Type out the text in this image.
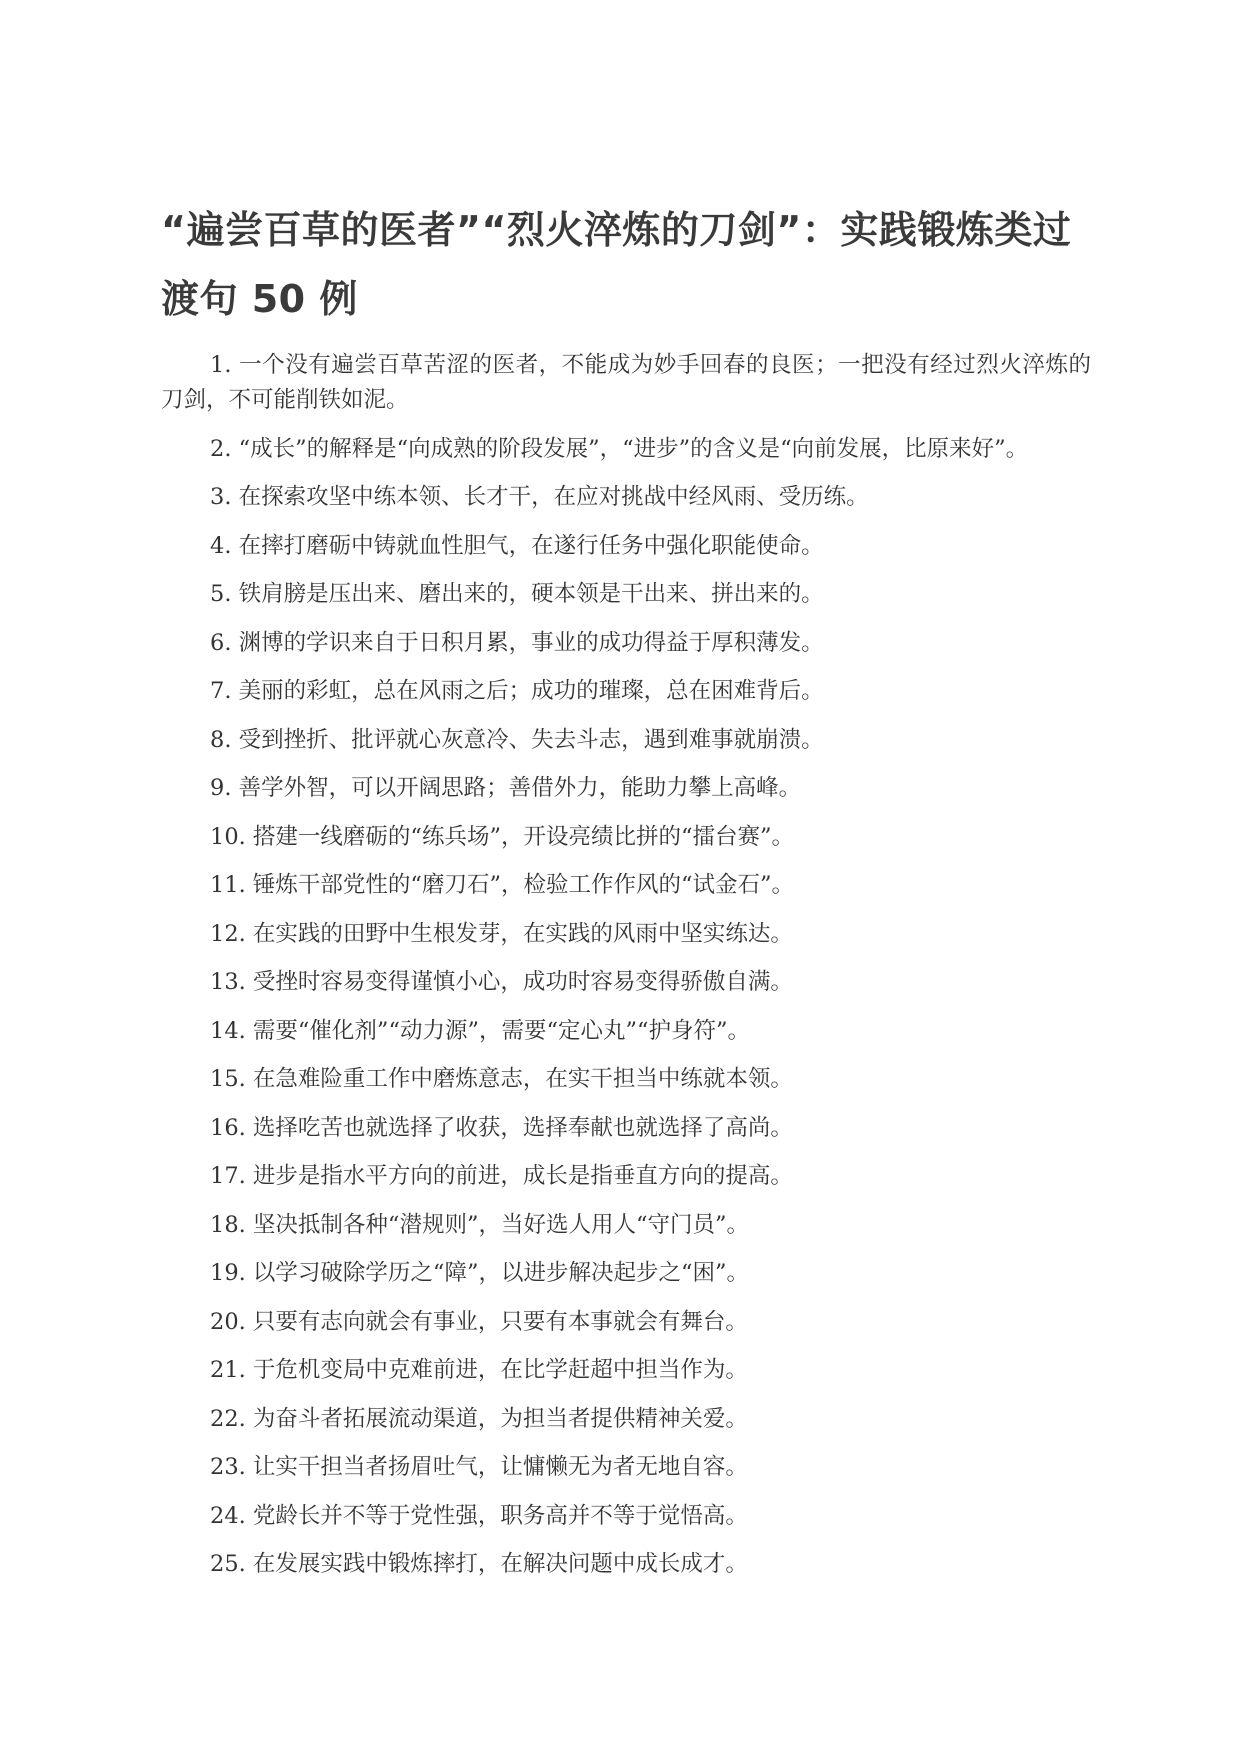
“遍尝百草的医者”“烈火淬炼的刀剑”：实践锻炼类过渡句 50 例
1. 一个没有遍尝百草苦涩的医者，不能成为妙手回春的良医；一把没有经过烈火淬炼的刀剑，不可能削铁如泥。
2. “成长”的解释是“向成熟的阶段发展”，“进步”的含义是“向前发展，比原来好”。
3. 在探索攻坚中练本领、长才干，在应对挑战中经风雨、受历练。
4. 在摔打磨砺中铸就血性胆气，在遂行任务中强化职能使命。
5. 铁肩膀是压出来、磨出来的，硬本领是干出来、拼出来的。
6. 渊博的学识来自于日积月累，事业的成功得益于厚积薄发。
7. 美丽的彩虹，总在风雨之后；成功的璀璨，总在困难背后。
8. 受到挫折、批评就心灰意冷、失去斗志，遇到难事就崩溃。
9. 善学外智，可以开阔思路；善借外力，能助力攀上高峰。
10. 搭建一线磨砺的“练兵场”，开设亮绩比拼的“擂台赛”。
11. 锤炼干部党性的“磨刀石”，检验工作作风的“试金石”。
12. 在实践的田野中生根发芽，在实践的风雨中坚实练达。
13. 受挫时容易变得谨慎小心，成功时容易变得骄傲自满。
14. 需要“催化剂”“动力源”，需要“定心丸”“护身符”。
15. 在急难险重工作中磨炼意志，在实干担当中练就本领。
16. 选择吃苦也就选择了收获，选择奉献也就选择了高尚。
17. 进步是指水平方向的前进，成长是指垂直方向的提高。
18. 坚决抵制各种“潜规则”，当好选人用人“守门员”。
19. 以学习破除学历之“障”，以进步解决起步之“困”。
20. 只要有志向就会有事业，只要有本事就会有舞台。
21. 于危机变局中克难前进，在比学赶超中担当作为。
22. 为奋斗者拓展流动渠道，为担当者提供精神关爱。
23. 让实干担当者扬眉吐气，让慵懒无为者无地自容。
24. 党龄长并不等于党性强，职务高并不等于觉悟高。
25. 在发展实践中锻炼摔打，在解决问题中成长成才。
